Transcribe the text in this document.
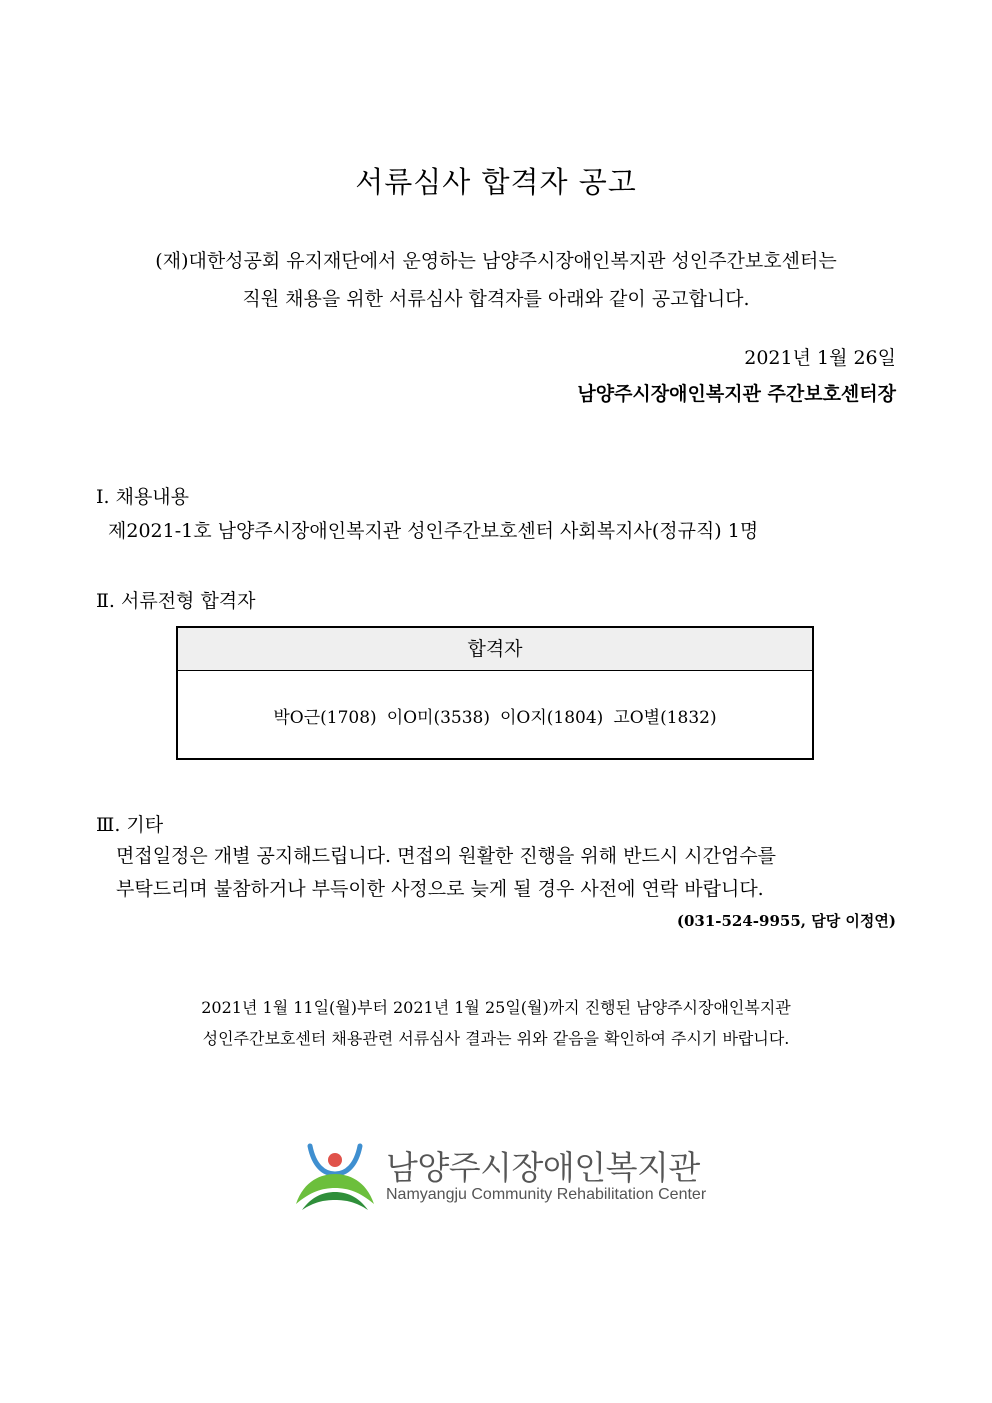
서류심사 합격자 공고
(재)대한성공회 유지재단에서 운영하는 남양주시장애인복지관 성인주간보호센터는
직원 채용을 위한 서류심사 합격자를 아래와 같이 공고합니다.
2021년 1월 26일
남양주시장애인복지관 주간보호센터장
Ⅰ. 채용내용
제2021-1호 남양주시장애인복지관 성인주간보호센터 사회복지사(정규직) 1명
Ⅱ. 서류전형 합격자
합격자
박O근(1708) 이O미(3538) 이O지(1804) 고O별(1832)
Ⅲ. 기타
면접일정은 개별 공지해드립니다. 면접의 원활한 진행을 위해 반드시 시간엄수를
부탁드리며 불참하거나 부득이한 사정으로 늦게 될 경우 사전에 연락 바랍니다.
(031-524-9955, 담당 이정연)
2021년 1월 11일(월)부터 2021년 1월 25일(월)까지 진행된 남양주시장애인복지관
성인주간보호센터 채용관련 서류심사 결과는 위와 같음을 확인하여 주시기 바랍니다.
남양주시장애인복지관
Namyangju Community Rehabilitation Center
